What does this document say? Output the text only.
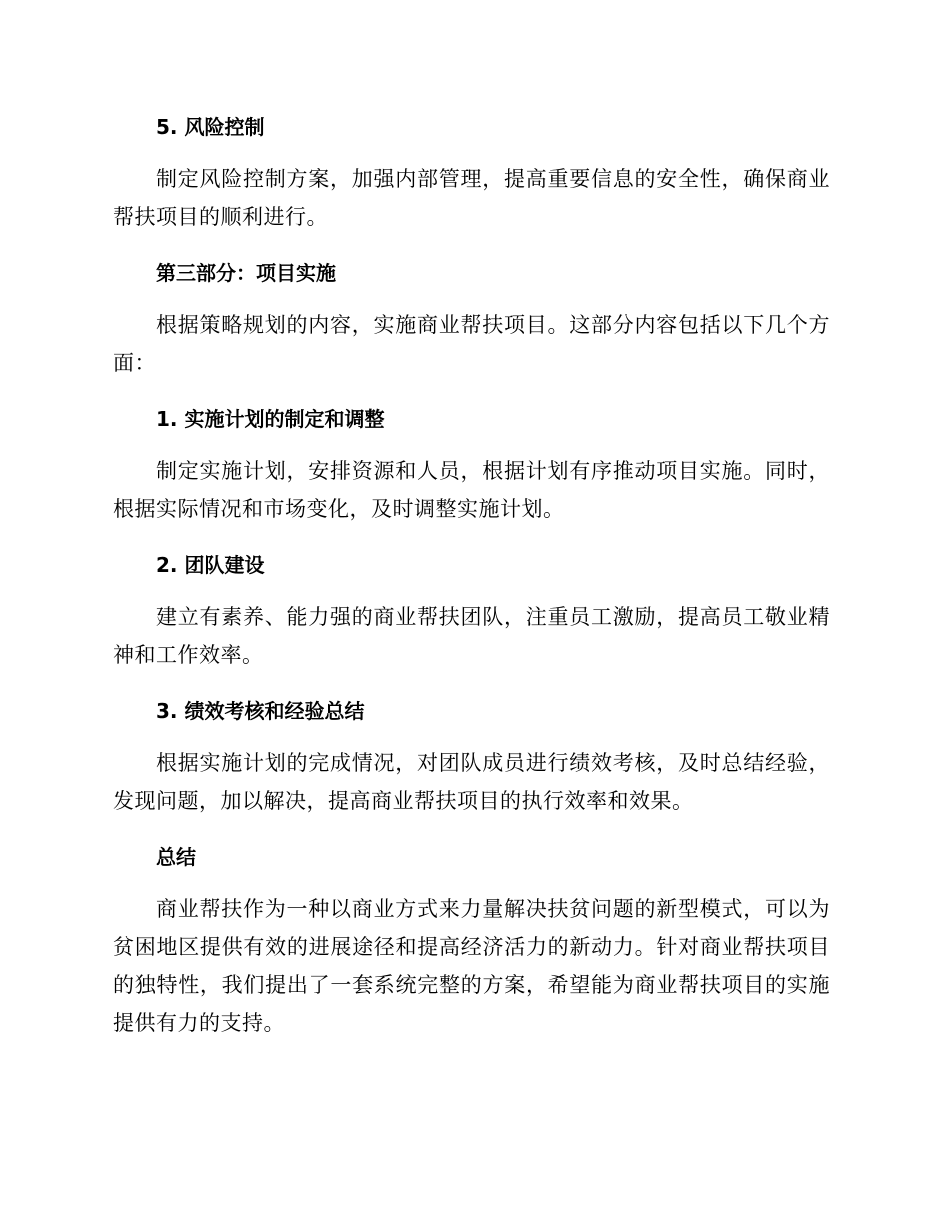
5. 风险控制

制定风险控制方案，加强内部管理，提高重要信息的安全性，确保商业帮扶项目的顺利进行。

第三部分：项目实施

根据策略规划的内容，实施商业帮扶项目。这部分内容包括以下几个方面：

1. 实施计划的制定和调整

制定实施计划，安排资源和人员，根据计划有序推动项目实施。同时，根据实际情况和市场变化，及时调整实施计划。

2. 团队建设

建立有素养、能力强的商业帮扶团队，注重员工激励，提高员工敬业精神和工作效率。

3. 绩效考核和经验总结

根据实施计划的完成情况，对团队成员进行绩效考核，及时总结经验，发现问题，加以解决，提高商业帮扶项目的执行效率和效果。

总结

商业帮扶作为一种以商业方式来力量解决扶贫问题的新型模式，可以为贫困地区提供有效的进展途径和提高经济活力的新动力。针对商业帮扶项目的独特性，我们提出了一套系统完整的方案，希望能为商业帮扶项目的实施提供有力的支持。
